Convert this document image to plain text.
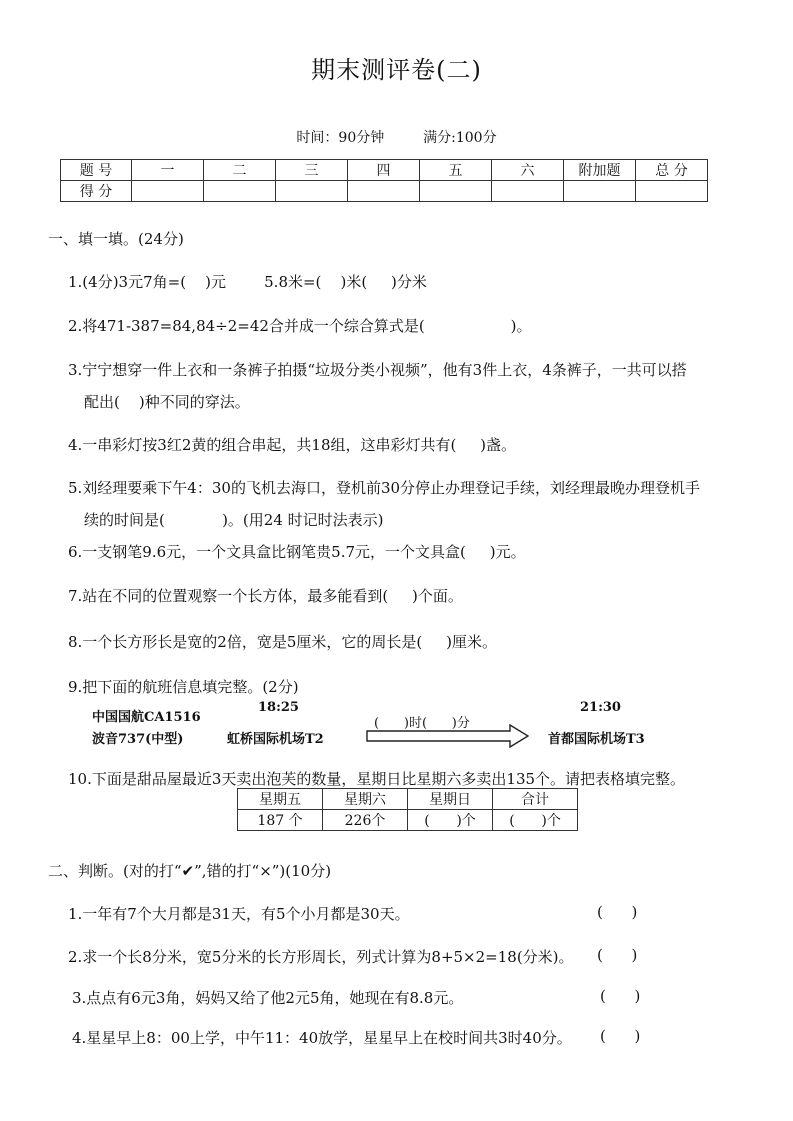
期末测评卷(二)
时间：90分钟	满分:100分
题 号	一	二	三	四	五	六	附加题	总 分
得 分								
一、填一填。(24分)
1.(4分)3元7角=(    )元        5.8米=(    )米(     )分米
2.将471-387=84,84÷2=42合并成一个综合算式是(                  )。
3.宁宁想穿一件上衣和一条裤子拍摄“垃圾分类小视频”，他有3件上衣，4条裤子，一共可以搭
配出(    )种不同的穿法。
4.一串彩灯按3红2黄的组合串起，共18组，这串彩灯共有(     )盏。
5.刘经理要乘下午4：30的飞机去海口，登机前30分停止办理登记手续，刘经理最晚办理登机手
续的时间是(            )。(用24 时记时法表示)
6.一支钢笔9.6元，一个文具盒比钢笔贵5.7元，一个文具盒(     )元。
7.站在不同的位置观察一个长方体，最多能看到(     )个面。
8.一个长方形长是宽的2倍，宽是5厘米，它的周长是(     )厘米。
9.把下面的航班信息填完整。(2分)
中国国航CA1516
波音737(中型)
18:25
虹桥国际机场T2
(      )时(      )分
21:30
首都国际机场T3
10.下面是甜品屋最近3天卖出泡芙的数量，星期日比星期六多卖出135个。请把表格填完整。
星期五	星期六	星期日	合计
187 个	226个	(      )个	(      )个
二、判断。(对的打“✔”,错的打“×”)(10分)
1.一年有7个大月都是31天，有5个小月都是30天。	(      )
2.求一个长8分米，宽5分米的长方形周长，列式计算为8+5×2=18(分米)。 (      )
3.点点有6元3角，妈妈又给了他2元5角，她现在有8.8元。	(      )
4.星星早上8：00上学，中午11：40放学，星星早上在校时间共3时40分。 (      )
